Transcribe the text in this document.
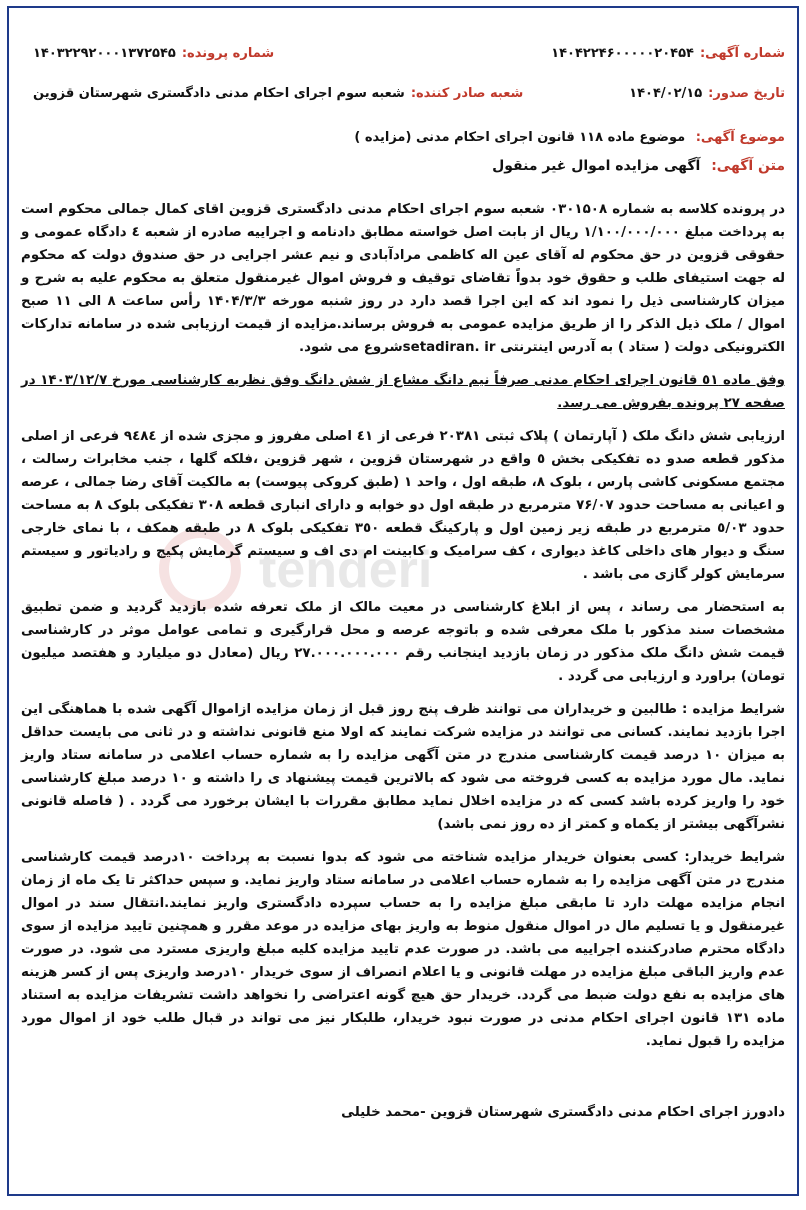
شماره آگهی:
۱۴۰۴۲۲۴۶۰۰۰۰۰۲۰۴۵۴
شماره پرونده:
۱۴۰۳۲۲۹۲۰۰۰۱۳۷۲۵۴۵
تاریخ صدور:
۱۴۰۴/۰۲/۱۵
شعبه صادر کننده:
شعبه سوم اجرای احکام مدنی دادگستری شهرستان قزوین
موضوع آگهی: موضوع ماده ۱۱۸ قانون اجرای احکام مدنی (مزایده )
متن آگهی: آگهی مزایده اموال غیر منقول
tenderi

در پرونده کلاسه به شماره ۰۳۰۱۵۰۸ شعبه سوم اجرای احکام مدنی دادگستری قزوین اقای کمال جمالی محکوم است به پرداخت مبلغ ۱/۱۰۰/۰۰۰/۰۰۰ ریال از بابت اصل خواسته مطابق دادنامه و اجراییه صادره از شعبه ٤ دادگاه عمومی و حقوقی قزوین در حق محکوم له آقای عین اله کاظمی مرادآبادی و نیم عشر اجرایی در حق صندوق دولت که محکوم له جهت استیفای طلب و حقوق خود بدواً تقاضای توقیف و فروش اموال غیرمنقول متعلق به محکوم علیه به شرح و میزان کارشناسی ذیل را نمود اند که این اجرا قصد دارد در روز شنبه مورخه ۱۴۰۴/۳/۳ رأس ساعت ۸ الی ۱۱ صبح اموال / ملک ذیل الذکر را از طریق مزایده عمومی به فروش برساند.مزایده از قیمت ارزیابی شده در سامانه تدارکات الکترونیکی دولت ( ستاد ) به آدرس اینترنتی setadiran. irشروع می شود.

وفق ماده ٥١ قانون اجرای احکام مدنی صرفاً نیم دانگ مشاع از شش دانگ وفق نظریه کارشناسی مورخ ۱۴۰۳/۱۲/۷ در صفحه ۲۷ پرونده بفروش می رسد.

ارزیابی شش دانگ ملک ( آپارتمان ) پلاک ثبتی ۲۰۳۸۱ فرعی از ٤۱ اصلی مفروز و مجزی شده از ۹٤۸٤ فرعی از اصلی مذکور قطعه صدو ده تفکیکی بخش ٥ واقع در شهرستان قزوین ، شهر قزوین ،فلکه گلها ، جنب مخابرات رسالت ، مجتمع مسکونی کاشی پارس ، بلوک ۸، طبقه اول ، واحد ۱ (طبق کروکی پیوست) به مالکیت آقای رضا جمالی ، عرصه و اعیانی به مساحت حدود ۷۶/۰۷ مترمربع در طبقه اول دو خوابه و دارای انباری قطعه ۳۰۸ تفکیکی بلوک ۸ به مساحت حدود ٥/۰۳ مترمربع در طبقه زیر زمین اول و پارکینگ قطعه ۳٥۰ تفکیکی بلوک ۸ در طبقه همکف ، با نمای خارجی سنگ و دیوار های داخلی کاغذ دیواری ، کف سرامیک و کابینت ام دی اف و سیستم گرمایش پکیج و رادیاتور و سیستم سرمایش کولر گازی می باشد .

به استحضار می رساند ، پس از ابلاغ کارشناسی در معیت مالک از ملک تعرفه شده بازدید گردید و ضمن تطبیق مشخصات سند مذکور با ملک معرفی شده و باتوجه عرصه و محل قرارگیری و تمامی عوامل موثر در کارشناسی قیمت شش دانگ ملک مذکور در زمان بازدید اینجانب رقم ۲۷.۰۰۰.۰۰۰.۰۰۰ ریال (معادل دو میلیارد و هفتصد میلیون تومان) براورد و ارزیابی می گردد .

شرایط مزایده : طالبین و خریداران می توانند ظرف پنج روز قبل از زمان مزایده ازاموال آگهی شده با هماهنگی این اجرا بازدید نمایند. کسانی می توانند در مزایده شرکت نمایند که اولا منع قانونی نداشته و در ثانی می بایست حداقل به میزان ۱۰ درصد قیمت کارشناسی مندرج در متن آگهی مزایده را به شماره حساب اعلامی در سامانه ستاد واریز نماید. مال مورد مزایده به کسی فروخته می شود که بالاترین قیمت پیشنهاد ی را داشته و ۱۰ درصد مبلغ کارشناسی خود را واریز کرده باشد کسی که در مزایده اخلال نماید مطابق مقررات با ایشان برخورد می گردد . ( فاصله قانونی نشرآگهی بیشتر از یکماه و کمتر از ده روز نمی باشد)

شرایط خریدار: کسی بعنوان خریدار مزایده شناخته می شود که بدوا نسبت به پرداخت ۱۰درصد قیمت کارشناسی مندرج در متن آگهی مزایده را به شماره حساب اعلامی در سامانه ستاد واریز نماید. و سپس حداکثر تا یک ماه از زمان انجام مزایده مهلت دارد تا مابقی مبلغ مزایده را به حساب سپرده دادگستری واریز نمایند.انتقال سند در اموال غیرمنقول و یا تسلیم مال در اموال منقول منوط به واریز بهای مزایده در موعد مقرر و همچنین تایید مزایده از سوی دادگاه محترم صادرکننده اجراییه می باشد. در صورت عدم تایید مزایده کلیه مبلغ واریزی مسترد می شود. در صورت عدم واریز الباقی مبلغ مزایده در مهلت قانونی و یا اعلام انصراف از سوی خریدار ۱۰درصد واریزی پس از کسر هزینه های مزایده به نفع دولت ضبط می گردد. خریدار حق هیچ گونه اعتراضی را نخواهد داشت تشریفات مزایده به استناد ماده ۱۳۱ قانون اجرای احکام مدنی در صورت نبود خریدار، طلبکار نیز می تواند در قبال طلب خود از اموال مورد مزایده را قبول نماید.

دادورز اجرای احکام مدنی دادگستری شهرستان قزوین -محمد خلیلی
